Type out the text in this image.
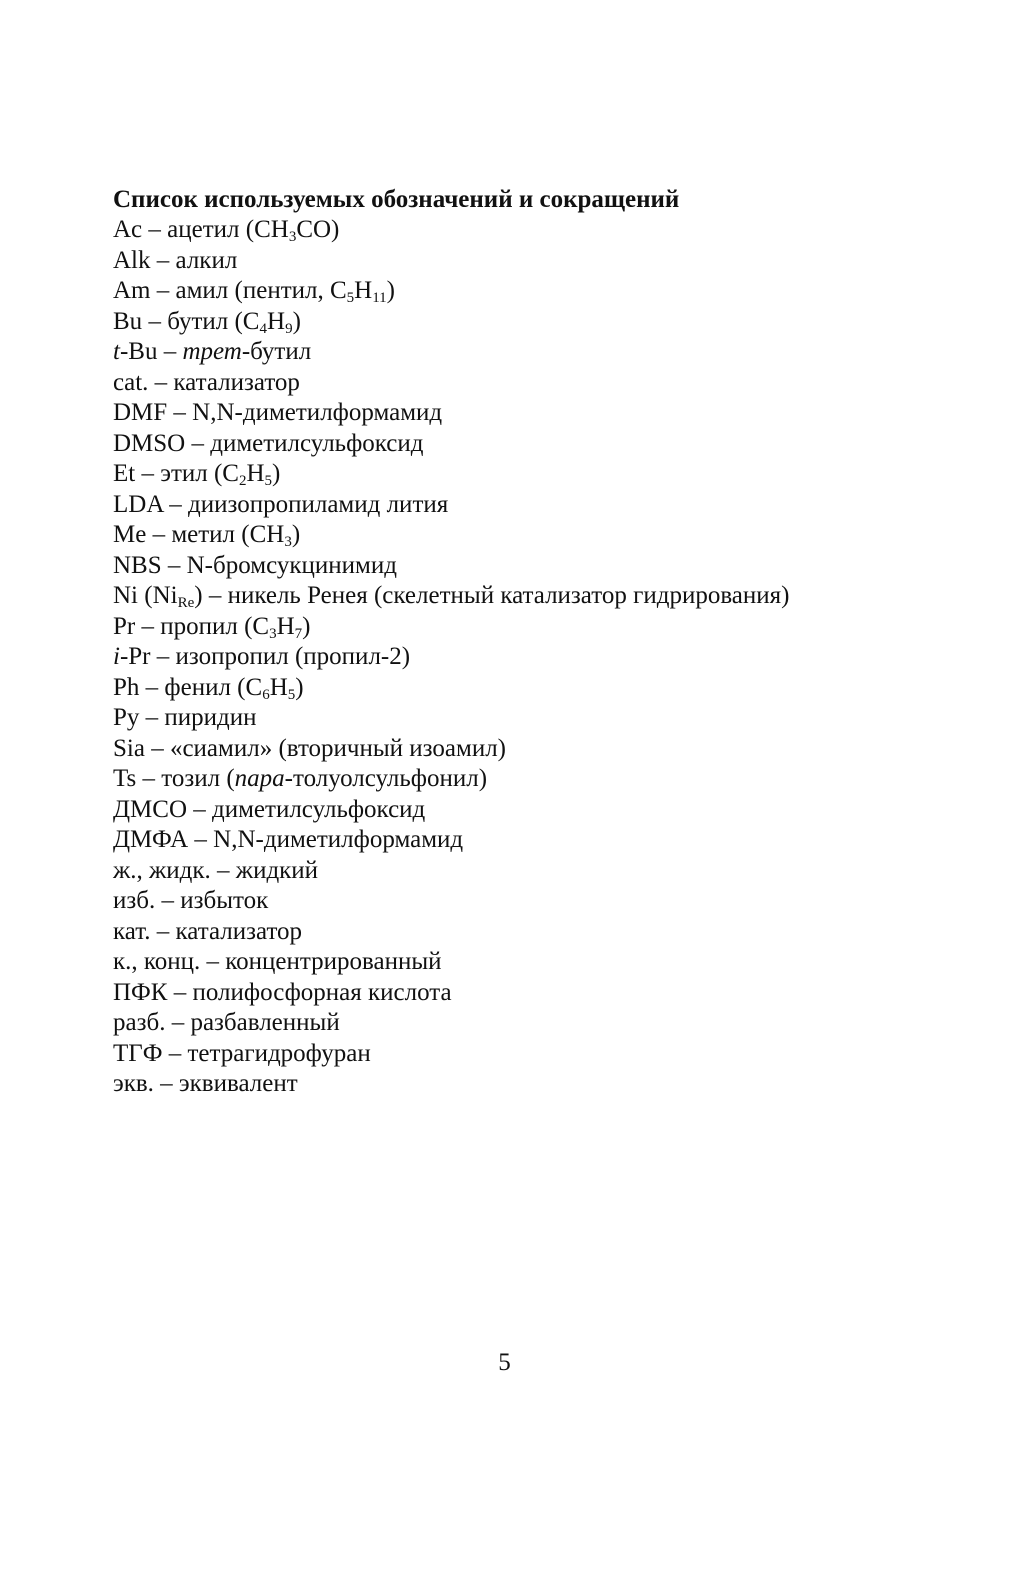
Список используемых обозначений и сокращений
Ac – ацетил $(CH_3CO)$
Alk – алкил
Am – амил (пентил, $C_5H_{11}$)
Bu – бутил $(C_4H_9)$
t-Bu – трет-бутил
cat. – катализатор
DMF – N,N-диметилформамид
DMSO – диметилсульфоксид
Et – этил $(C_2H_5)$
LDA – диизопропиламид лития
Me – метил $(CH_3)$
NBS – N-бромсукцинимид
Ni $(Ni_{Re})$ – никель Ренея (скелетный катализатор гидрирования)
Pr – пропил $(C_3H_7)$
i-Pr – изопропил (пропил-2)
Ph – фенил $(C_6H_5)$
Py – пиридин
Sia – «сиамил» (вторичный изоамил)
Ts – тозил (пара-толуолсульфонил)
ДМСО – диметилсульфоксид
ДМФА – N,N-диметилформамид
ж., жидк. – жидкий
изб. – избыток
кат. – катализатор
к., конц. – концентрированный
ПФК – полифосфорная кислота
разб. – разбавленный
ТГФ – тетрагидрофуран
экв. – эквивалент
5
